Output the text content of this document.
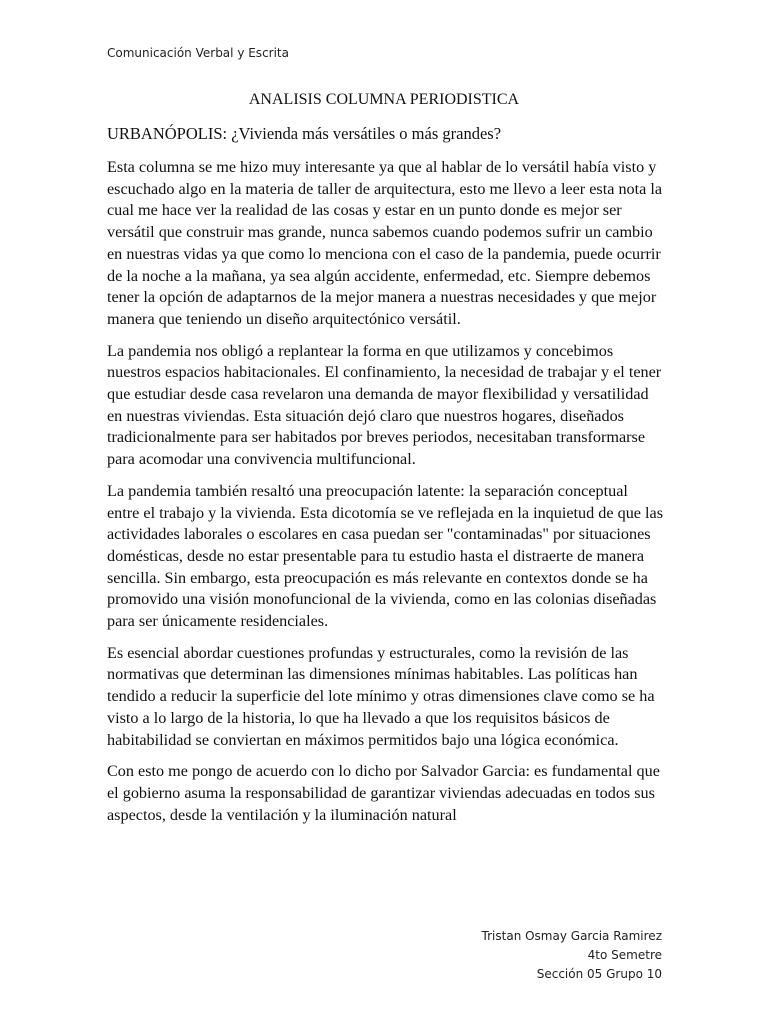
Comunicación Verbal y Escrita
ANALISIS COLUMNA PERIODISTICA
URBANÓPOLIS: ¿Vivienda más versátiles o más grandes?

Esta columna se me hizo muy interesante ya que al hablar de lo versátil había visto y escuchado algo en la materia de taller de arquitectura, esto me llevo a leer esta nota la cual me hace ver la realidad de las cosas y estar en un punto donde es mejor ser versátil que construir mas grande, nunca sabemos cuando podemos sufrir un cambio en nuestras vidas ya que como lo menciona con el caso de la pandemia, puede ocurrir de la noche a la mañana, ya sea algún accidente, enfermedad, etc. Siempre debemos tener la opción de adaptarnos de la mejor manera a nuestras necesidades y que mejor manera que teniendo un diseño arquitectónico versátil.

La pandemia nos obligó a replantear la forma en que utilizamos y concebimos nuestros espacios habitacionales. El confinamiento, la necesidad de trabajar y el tener que estudiar desde casa revelaron una demanda de mayor flexibilidad y versatilidad en nuestras viviendas. Esta situación dejó claro que nuestros hogares, diseñados tradicionalmente para ser habitados por breves periodos, necesitaban transformarse para acomodar una convivencia multifuncional.

La pandemia también resaltó una preocupación latente: la separación conceptual entre el trabajo y la vivienda. Esta dicotomía se ve reflejada en la inquietud de que las actividades laborales o escolares en casa puedan ser "contaminadas" por situaciones domésticas, desde no estar presentable para tu estudio hasta el distraerte de manera sencilla. Sin embargo, esta preocupación es más relevante en contextos donde se ha promovido una visión monofuncional de la vivienda, como en las colonias diseñadas para ser únicamente residenciales.

Es esencial abordar cuestiones profundas y estructurales, como la revisión de las normativas que determinan las dimensiones mínimas habitables. Las políticas han tendido a reducir la superficie del lote mínimo y otras dimensiones clave como se ha visto a lo largo de la historia, lo que ha llevado a que los requisitos básicos de habitabilidad se conviertan en máximos permitidos bajo una lógica económica.

Con esto me pongo de acuerdo con lo dicho por Salvador Garcia: es fundamental que el gobierno asuma la responsabilidad de garantizar viviendas adecuadas en todos sus aspectos, desde la ventilación y la iluminación natural

Tristan Osmay Garcia Ramirez
4to Semetre
Sección 05 Grupo 10
